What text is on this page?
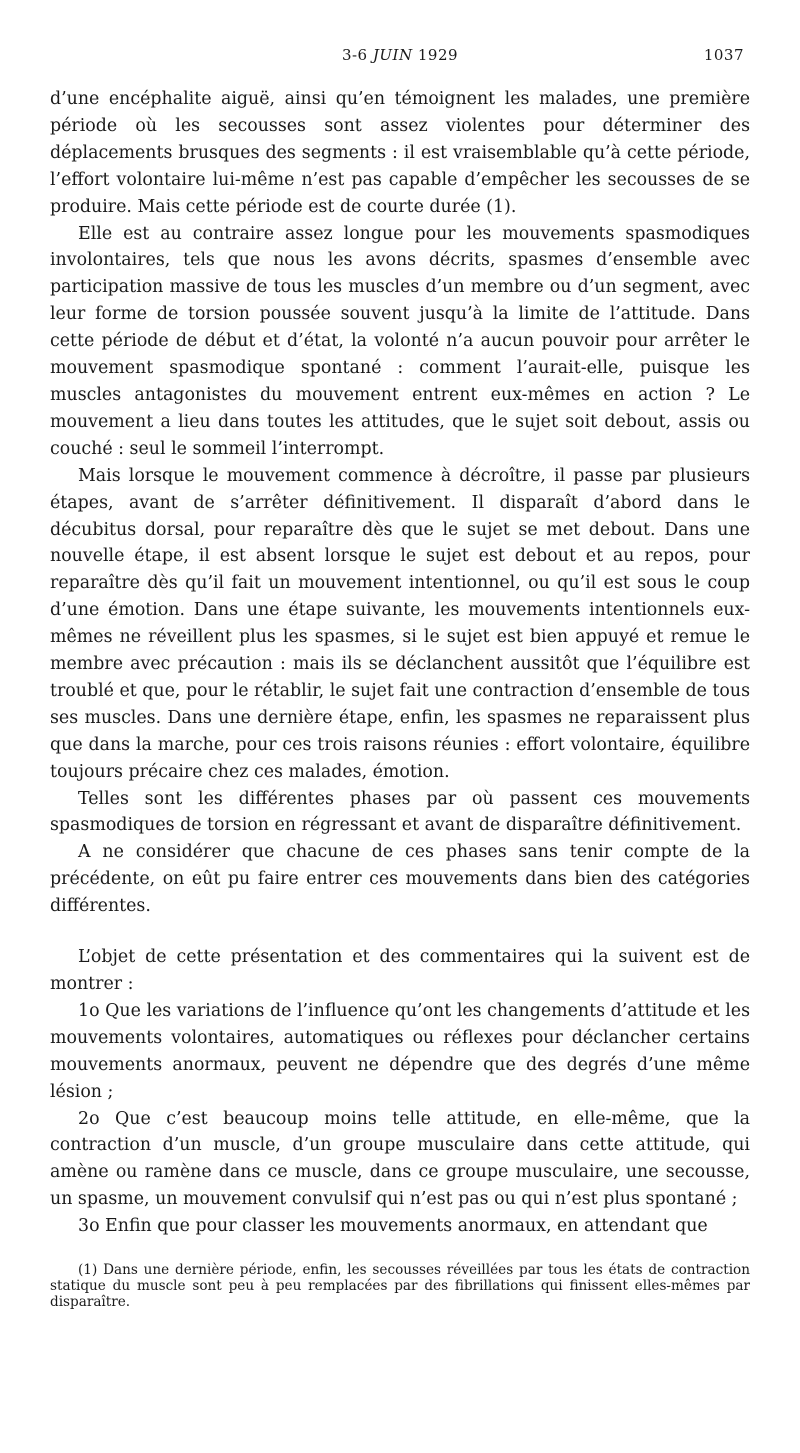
3-6 JUIN 1929	1037

d’une encéphalite aiguë, ainsi qu’en témoignent les malades, une première période où les secousses sont assez violentes pour déterminer des déplacements brusques des segments : il est vraisemblable qu’à cette période, l’effort volontaire lui-même n’est pas capable d’empêcher les secousses de se produire. Mais cette période est de courte durée (1).

Elle est au contraire assez longue pour les mouvements spasmodiques involontaires, tels que nous les avons décrits, spasmes d’ensemble avec participation massive de tous les muscles d’un membre ou d’un segment, avec leur forme de torsion poussée souvent jusqu’à la limite de l’attitude. Dans cette période de début et d’état, la volonté n’a aucun pouvoir pour arrêter le mouvement spasmodique spontané : comment l’aurait-elle, puisque les muscles antagonistes du mouvement entrent eux-mêmes en action ? Le mouvement a lieu dans toutes les attitudes, que le sujet soit debout, assis ou couché : seul le sommeil l’interrompt.

Mais lorsque le mouvement commence à décroître, il passe par plusieurs étapes, avant de s’arrêter définitivement. Il disparaît d’abord dans le décubitus dorsal, pour reparaître dès que le sujet se met debout. Dans une nouvelle étape, il est absent lorsque le sujet est debout et au repos, pour reparaître dès qu’il fait un mouvement intentionnel, ou qu’il est sous le coup d’une émotion. Dans une étape suivante, les mouvements intentionnels eux-mêmes ne réveillent plus les spasmes, si le sujet est bien appuyé et remue le membre avec précaution : mais ils se déclanchent aussitôt que l’équilibre est troublé et que, pour le rétablir, le sujet fait une contraction d’ensemble de tous ses muscles. Dans une dernière étape, enfin, les spasmes ne reparaissent plus que dans la marche, pour ces trois raisons réunies : effort volontaire, équilibre toujours précaire chez ces malades, émotion.

Telles sont les différentes phases par où passent ces mouvements spasmodiques de torsion en régressant et avant de disparaître définitivement.

A ne considérer que chacune de ces phases sans tenir compte de la précédente, on eût pu faire entrer ces mouvements dans bien des catégories différentes.

L’objet de cette présentation et des commentaires qui la suivent est de montrer :

1o Que les variations de l’influence qu’ont les changements d’attitude et les mouvements volontaires, automatiques ou réflexes pour déclancher certains mouvements anormaux, peuvent ne dépendre que des degrés d’une même lésion ;

2o Que c’est beaucoup moins telle attitude, en elle-même, que la contraction d’un muscle, d’un groupe musculaire dans cette attitude, qui amène ou ramène dans ce muscle, dans ce groupe musculaire, une secousse, un spasme, un mouvement convulsif qui n’est pas ou qui n’est plus spontané ;

3o Enfin que pour classer les mouvements anormaux, en attendant que

(1) Dans une dernière période, enfin, les secousses réveillées par tous les états de contraction statique du muscle sont peu à peu remplacées par des fibrillations qui finissent elles-mêmes par disparaître.
